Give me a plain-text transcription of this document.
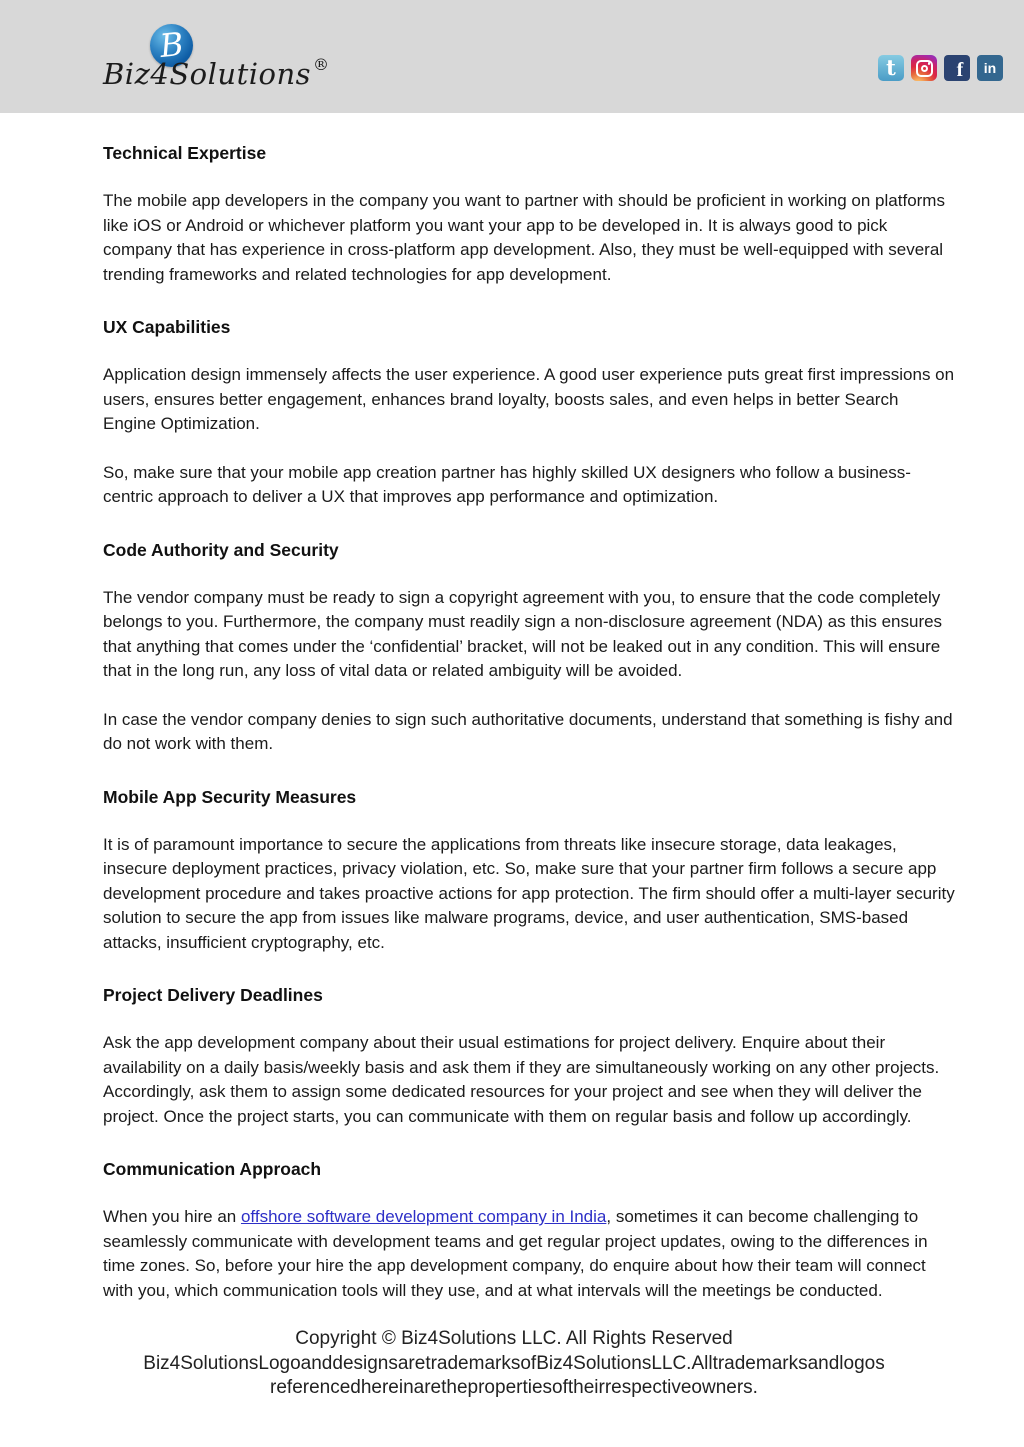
B
Biz4Solutions ®	t	f in
Technical Expertise

The mobile app developers in the company you want to partner with should be proficient in working on platforms like iOS or Android or whichever platform you want your app to be developed in. It is always good to pick company that has experience in cross-platform app development. Also, they must be well-equipped with several trending frameworks and related technologies for app development.

UX Capabilities

Application design immensely affects the user experience. A good user experience puts great first impressions on users, ensures better engagement, enhances brand loyalty, boosts sales, and even helps in better Search Engine Optimization.

So, make sure that your mobile app creation partner has highly skilled UX designers who follow a business-centric approach to deliver a UX that improves app performance and optimization.

Code Authority and Security

The vendor company must be ready to sign a copyright agreement with you, to ensure that the code completely belongs to you. Furthermore, the company must readily sign a non-disclosure agreement (NDA) as this ensures that anything that comes under the ‘confidential’ bracket, will not be leaked out in any condition. This will ensure that in the long run, any loss of vital data or related ambiguity will be avoided.

In case the vendor company denies to sign such authoritative documents, understand that something is fishy and do not work with them.

Mobile App Security Measures

It is of paramount importance to secure the applications from threats like insecure storage, data leakages, insecure deployment practices, privacy violation, etc. So, make sure that your partner firm follows a secure app development procedure and takes proactive actions for app protection. The firm should offer a multi-layer security solution to secure the app from issues like malware programs, device, and user authentication, SMS-based attacks, insufficient cryptography, etc.

Project Delivery Deadlines

Ask the app development company about their usual estimations for project delivery. Enquire about their availability on a daily basis/weekly basis and ask them if they are simultaneously working on any other projects. Accordingly, ask them to assign some dedicated resources for your project and see when they will deliver the project. Once the project starts, you can communicate with them on regular basis and follow up accordingly.

Communication Approach

When you hire an offshore software development company in India, sometimes it can become challenging to seamlessly communicate with development teams and get regular project updates, owing to the differences in time zones. So, before your hire the app development company, do enquire about how their team will connect with you, which communication tools will they use, and at what intervals will the meetings be conducted.

Copyright © Biz4Solutions LLC. All Rights Reserved
Biz4SolutionsLogoanddesignsaretrademarksofBiz4SolutionsLLC.Alltrademarksandlogos
referencedhereinarethepropertiesoftheirrespectiveowners.
